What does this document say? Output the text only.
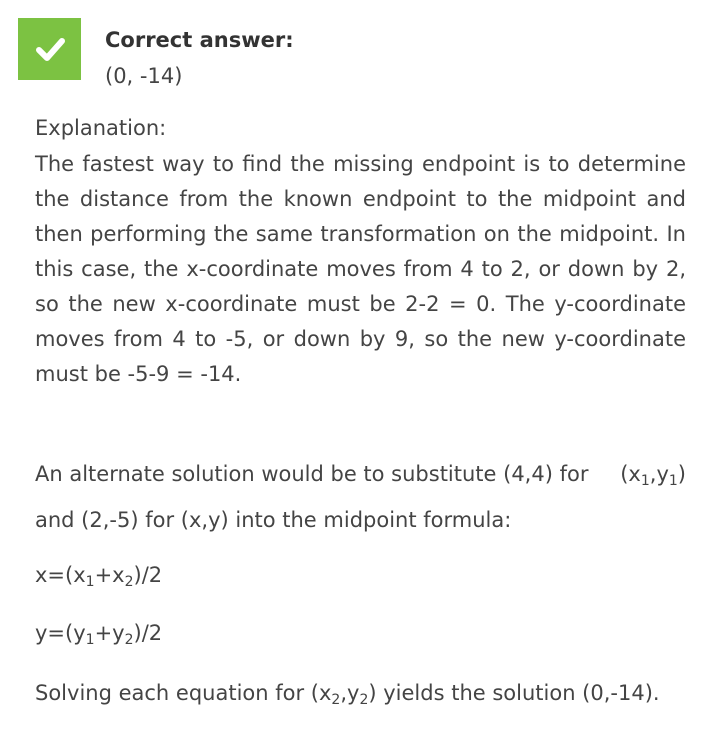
Correct answer:
(0, -14)
Explanation:
The fastest way to find the missing endpoint is to determine the distance from the known endpoint to the midpoint and then performing the same transformation on the midpoint. In this case, the x-coordinate moves from 4 to 2, or down by 2, so the new x-coordinate must be 2-2 = 0. The y-coordinate moves from 4 to -5, or down by 9, so the new y-coordinate must be -5-9 = -14.
An alternate solution would be to substitute (4,4) for $(x_1,y_1)$
and (2,-5) for (x,y) into the midpoint formula:
$x=(x_1+x_2)/2$
$y=(y_1+y_2)/2$
Solving each equation for $(x_2,y_2)$ yields the solution (0,-14).
